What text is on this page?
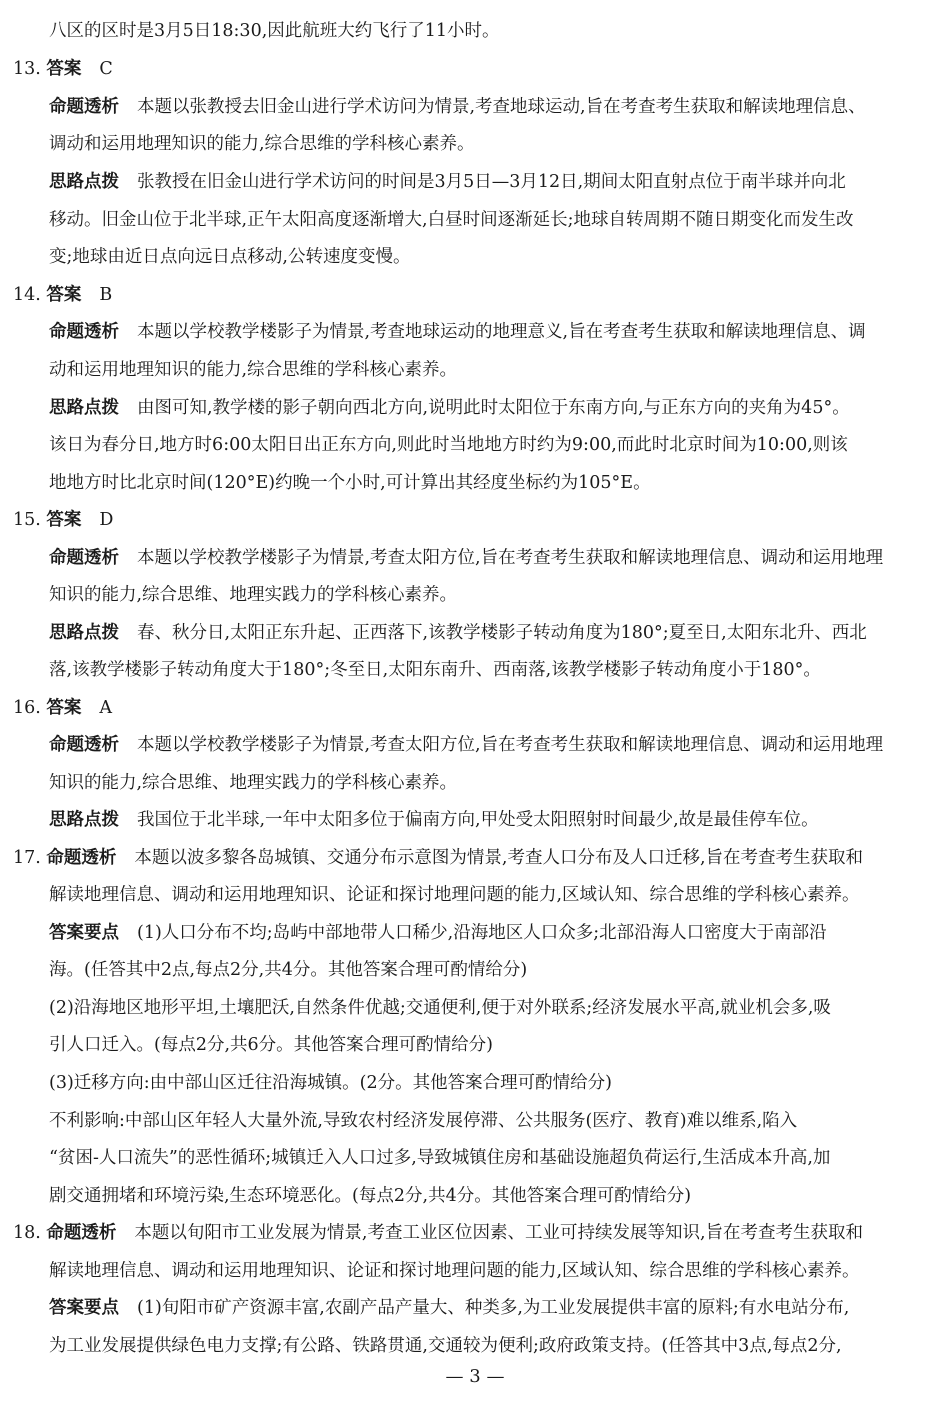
八区的区时是3月5日18:30,因此航班大约飞行了11小时。
13. 答案 C
命题透析 本题以张教授去旧金山进行学术访问为情景,考查地球运动,旨在考查考生获取和解读地理信息、
调动和运用地理知识的能力,综合思维的学科核心素养。
思路点拨 张教授在旧金山进行学术访问的时间是3月5日—3月12日,期间太阳直射点位于南半球并向北
移动。旧金山位于北半球,正午太阳高度逐渐增大,白昼时间逐渐延长;地球自转周期不随日期变化而发生改
变;地球由近日点向远日点移动,公转速度变慢。
14. 答案 B
命题透析 本题以学校教学楼影子为情景,考查地球运动的地理意义,旨在考查考生获取和解读地理信息、调
动和运用地理知识的能力,综合思维的学科核心素养。
思路点拨 由图可知,教学楼的影子朝向西北方向,说明此时太阳位于东南方向,与正东方向的夹角为45°。
该日为春分日,地方时6:00太阳日出正东方向,则此时当地地方时约为9:00,而此时北京时间为10:00,则该
地地方时比北京时间(120°E)约晚一个小时,可计算出其经度坐标约为105°E。
15. 答案 D
命题透析 本题以学校教学楼影子为情景,考查太阳方位,旨在考查考生获取和解读地理信息、调动和运用地理
知识的能力,综合思维、地理实践力的学科核心素养。
思路点拨 春、秋分日,太阳正东升起、正西落下,该教学楼影子转动角度为180°;夏至日,太阳东北升、西北
落,该教学楼影子转动角度大于180°;冬至日,太阳东南升、西南落,该教学楼影子转动角度小于180°。
16. 答案 A
命题透析 本题以学校教学楼影子为情景,考查太阳方位,旨在考查考生获取和解读地理信息、调动和运用地理
知识的能力,综合思维、地理实践力的学科核心素养。
思路点拨 我国位于北半球,一年中太阳多位于偏南方向,甲处受太阳照射时间最少,故是最佳停车位。
17. 命题透析 本题以波多黎各岛城镇、交通分布示意图为情景,考查人口分布及人口迁移,旨在考查考生获取和
解读地理信息、调动和运用地理知识、论证和探讨地理问题的能力,区域认知、综合思维的学科核心素养。
答案要点 (1)人口分布不均;岛屿中部地带人口稀少,沿海地区人口众多;北部沿海人口密度大于南部沿
海。(任答其中2点,每点2分,共4分。其他答案合理可酌情给分)
(2)沿海地区地形平坦,土壤肥沃,自然条件优越;交通便利,便于对外联系;经济发展水平高,就业机会多,吸
引人口迁入。(每点2分,共6分。其他答案合理可酌情给分)
(3)迁移方向:由中部山区迁往沿海城镇。(2分。其他答案合理可酌情给分)
不利影响:中部山区年轻人大量外流,导致农村经济发展停滞、公共服务(医疗、教育)难以维系,陷入
“贫困-人口流失”的恶性循环;城镇迁入人口过多,导致城镇住房和基础设施超负荷运行,生活成本升高,加
剧交通拥堵和环境污染,生态环境恶化。(每点2分,共4分。其他答案合理可酌情给分)
18. 命题透析 本题以旬阳市工业发展为情景,考查工业区位因素、工业可持续发展等知识,旨在考查考生获取和
解读地理信息、调动和运用地理知识、论证和探讨地理问题的能力,区域认知、综合思维的学科核心素养。
答案要点 (1)旬阳市矿产资源丰富,农副产品产量大、种类多,为工业发展提供丰富的原料;有水电站分布,
为工业发展提供绿色电力支撑;有公路、铁路贯通,交通较为便利;政府政策支持。(任答其中3点,每点2分,
— 3 —
